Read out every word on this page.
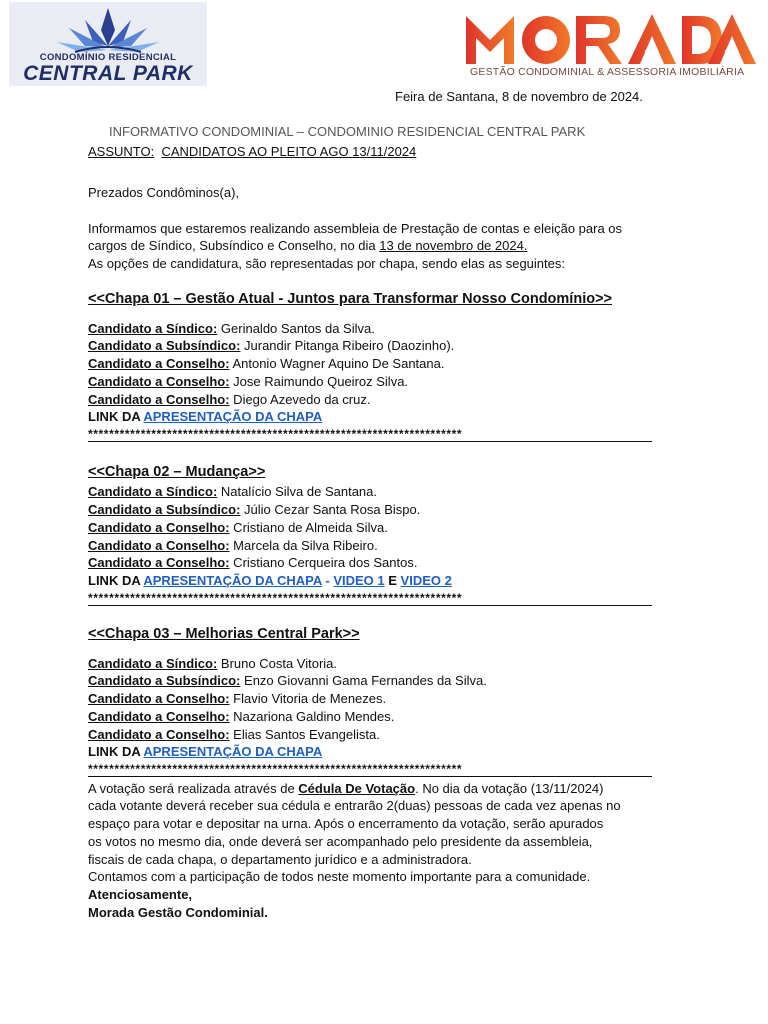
CONDOMÍNIO RESIDENCIAL
CENTRAL PARK	GESTÃO CONDOMINIAL & ASSESSORIA IMOBILIÁRIA
Feira de Santana, 8 de novembro de 2024.
INFORMATIVO CONDOMINIAL – CONDOMINIO RESIDENCIAL CENTRAL PARK
ASSUNTO: CANDIDATOS AO PLEITO AGO 13/11/2024
Prezados Condôminos(a),
Informamos que estaremos realizando assembleia de Prestação de contas e eleição para os
cargos de Síndico, Subsíndico e Conselho, no dia 13 de novembro de 2024.
As opções de candidatura, são representadas por chapa, sendo elas as seguintes:
<<Chapa 01 – Gestão Atual - Juntos para Transformar Nosso Condomínio>>
Candidato a Síndico: Gerinaldo Santos da Silva.
Candidato a Subsíndico: Jurandir Pitanga Ribeiro (Daozinho).
Candidato a Conselho: Antonio Wagner Aquino De Santana.
Candidato a Conselho: Jose Raimundo Queiroz Silva.
Candidato a Conselho: Diego Azevedo da cruz.
LINK DA APRESENTAÇÃO DA CHAPA
***********************************************************************
<<Chapa 02 – Mudança>>
Candidato a Síndico: Natalício Silva de Santana.
Candidato a Subsíndico: Júlio Cezar Santa Rosa Bispo.
Candidato a Conselho: Cristiano de Almeida Silva.
Candidato a Conselho: Marcela da Silva Ribeiro.
Candidato a Conselho: Cristiano Cerqueira dos Santos.
LINK DA APRESENTAÇÃO DA CHAPA - VIDEO 1 E VIDEO 2
***********************************************************************
<<Chapa 03 – Melhorias Central Park>>
Candidato a Síndico: Bruno Costa Vitoria.
Candidato a Subsíndico: Enzo Giovanni Gama Fernandes da Silva.
Candidato a Conselho: Flavio Vitoria de Menezes.
Candidato a Conselho: Nazariona Galdino Mendes.
Candidato a Conselho: Elias Santos Evangelista.
LINK DA APRESENTAÇÃO DA CHAPA
***********************************************************************
A votação será realizada através de Cédula De Votação. No dia da votação (13/11/2024)
cada votante deverá receber sua cédula e entrarão 2(duas) pessoas de cada vez apenas no
espaço para votar e depositar na urna. Após o encerramento da votação, serão apurados
os votos no mesmo dia, onde deverá ser acompanhado pelo presidente da assembleia,
fiscais de cada chapa, o departamento jurídico e a administradora.
Contamos com a participação de todos neste momento importante para a comunidade.
Atenciosamente,
Morada Gestão Condominial.
